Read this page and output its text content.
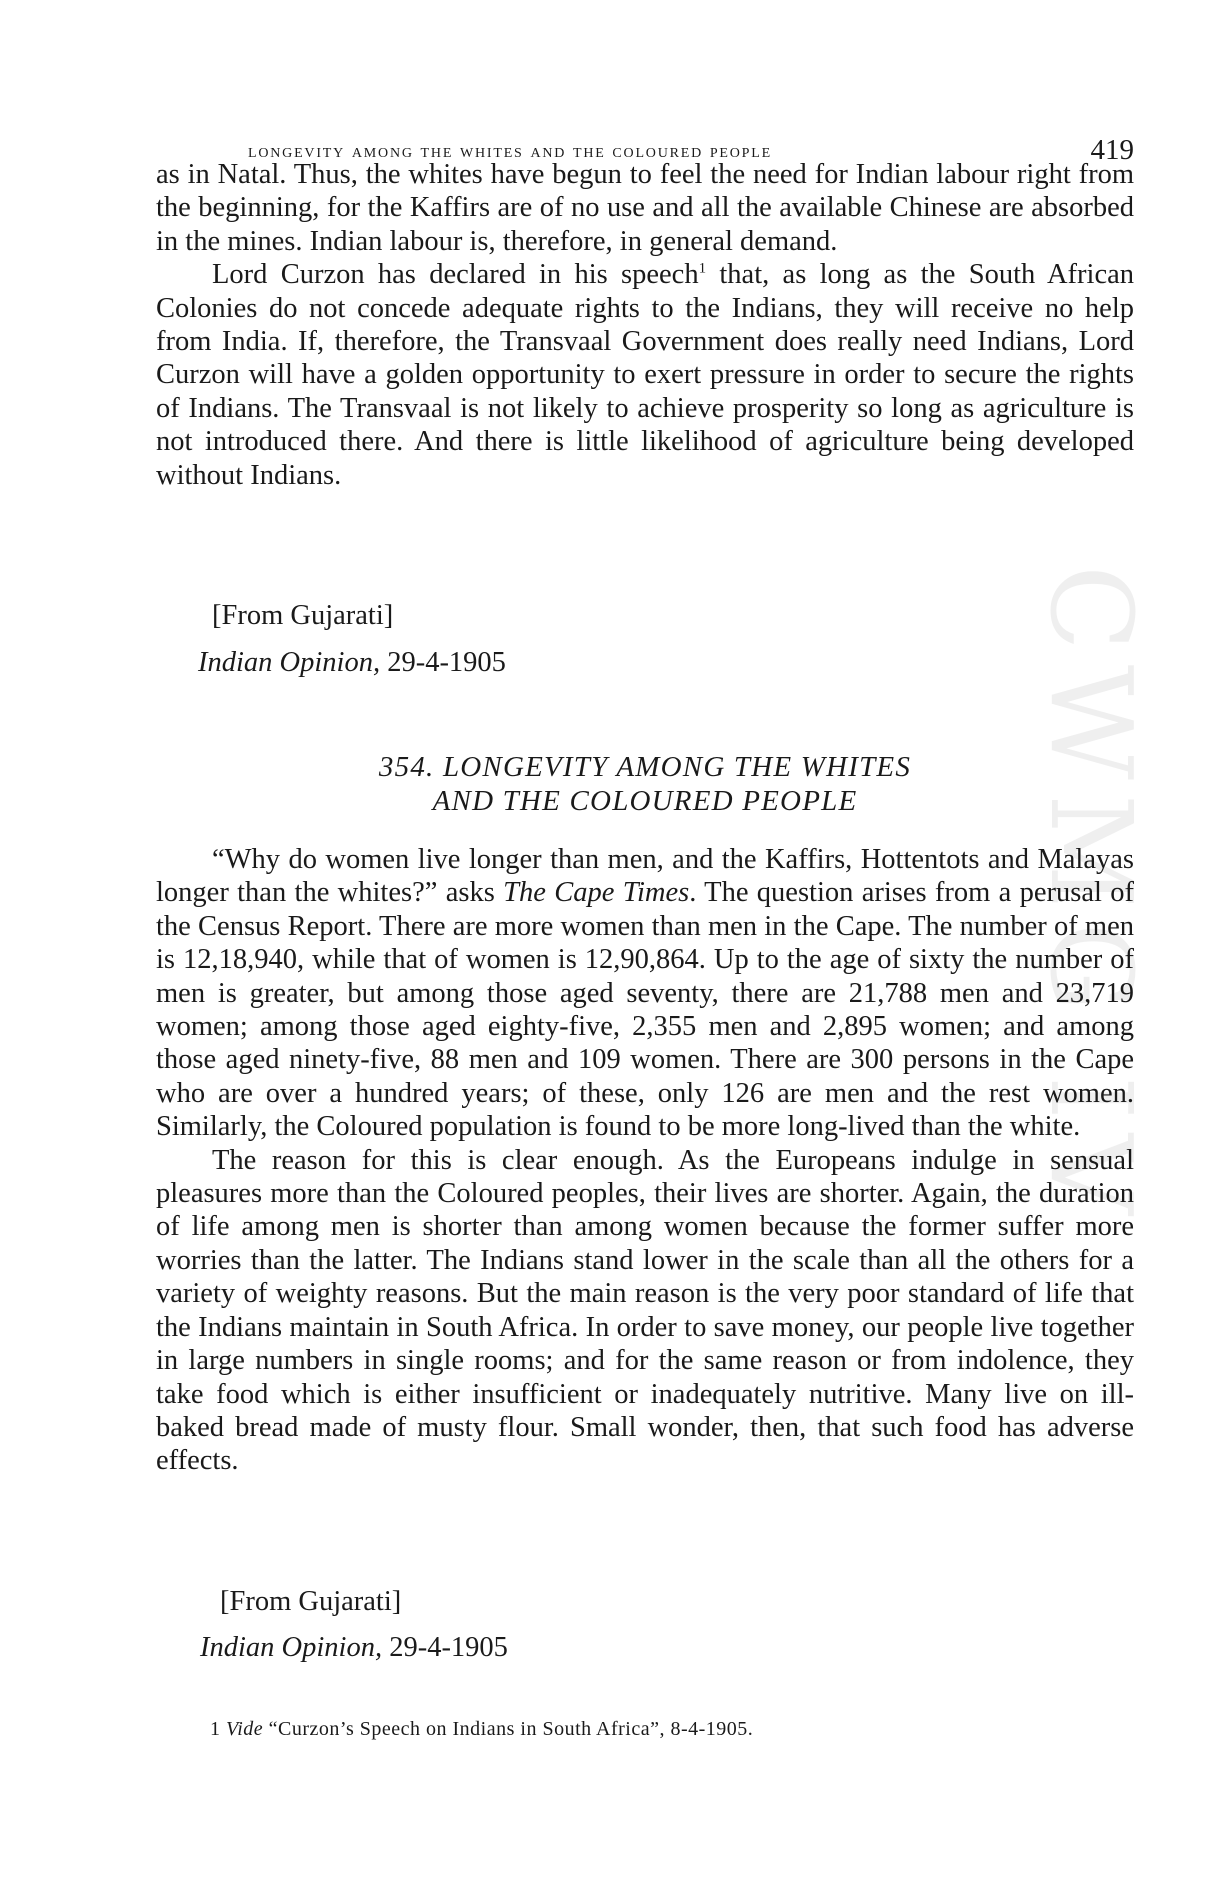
CWMG IV
longevity among the whites and the coloured people	419

as in Natal. Thus, the whites have begun to feel the need for Indian labour right from the beginning, for the Kaffirs are of no use and all the available Chinese are absorbed in the mines. Indian labour is, therefore, in general demand.

Lord Curzon has declared in his speech$^1$ that, as long as the South African Colonies do not concede adequate rights to the Indians, they will receive no help from India. If, therefore, the Transvaal Government does really need Indians, Lord Curzon will have a golden opportunity to exert pressure in order to secure the rights of Indians. The Transvaal is not likely to achieve prosperity so long as agriculture is not introduced there. And there is little likelihood of agriculture being developed without Indians.

[From Gujarati]
Indian Opinion, 29-4-1905
354. LONGEVITY AMONG THE WHITES
AND THE COLOURED PEOPLE

“Why do women live longer than men, and the Kaffirs, Hottentots and Malayas longer than the whites?” asks The Cape Times. The question arises from a perusal of the Census Report. There are more women than men in the Cape. The number of men is 12,18,940, while that of women is 12,90,864. Up to the age of sixty the number of men is greater, but among those aged seventy, there are 21,788 men and 23,719 women; among those aged eighty-five, 2,355 men and 2,895 women; and among those aged ninety-five, 88 men and 109 women. There are 300 persons in the Cape who are over a hundred years; of these, only 126 are men and the rest women. Similarly, the Coloured population is found to be more long-lived than the white.

The reason for this is clear enough. As the Europeans indulge in sensual pleasures more than the Coloured peoples, their lives are shorter. Again, the duration of life among men is shorter than among women because the former suffer more worries than the latter. The Indians stand lower in the scale than all the others for a variety of weighty reasons. But the main reason is the very poor standard of life that the Indians maintain in South Africa. In order to save money, our people live together in large numbers in single rooms; and for the same reason or from indolence, they take food which is either insufficient or inadequately nutritive. Many live on ill-baked bread made of musty flour. Small wonder, then, that such food has adverse effects.

[From Gujarati]
Indian Opinion, 29-4-1905
1 Vide “Curzon’s Speech on Indians in South Africa”, 8-4-1905.
